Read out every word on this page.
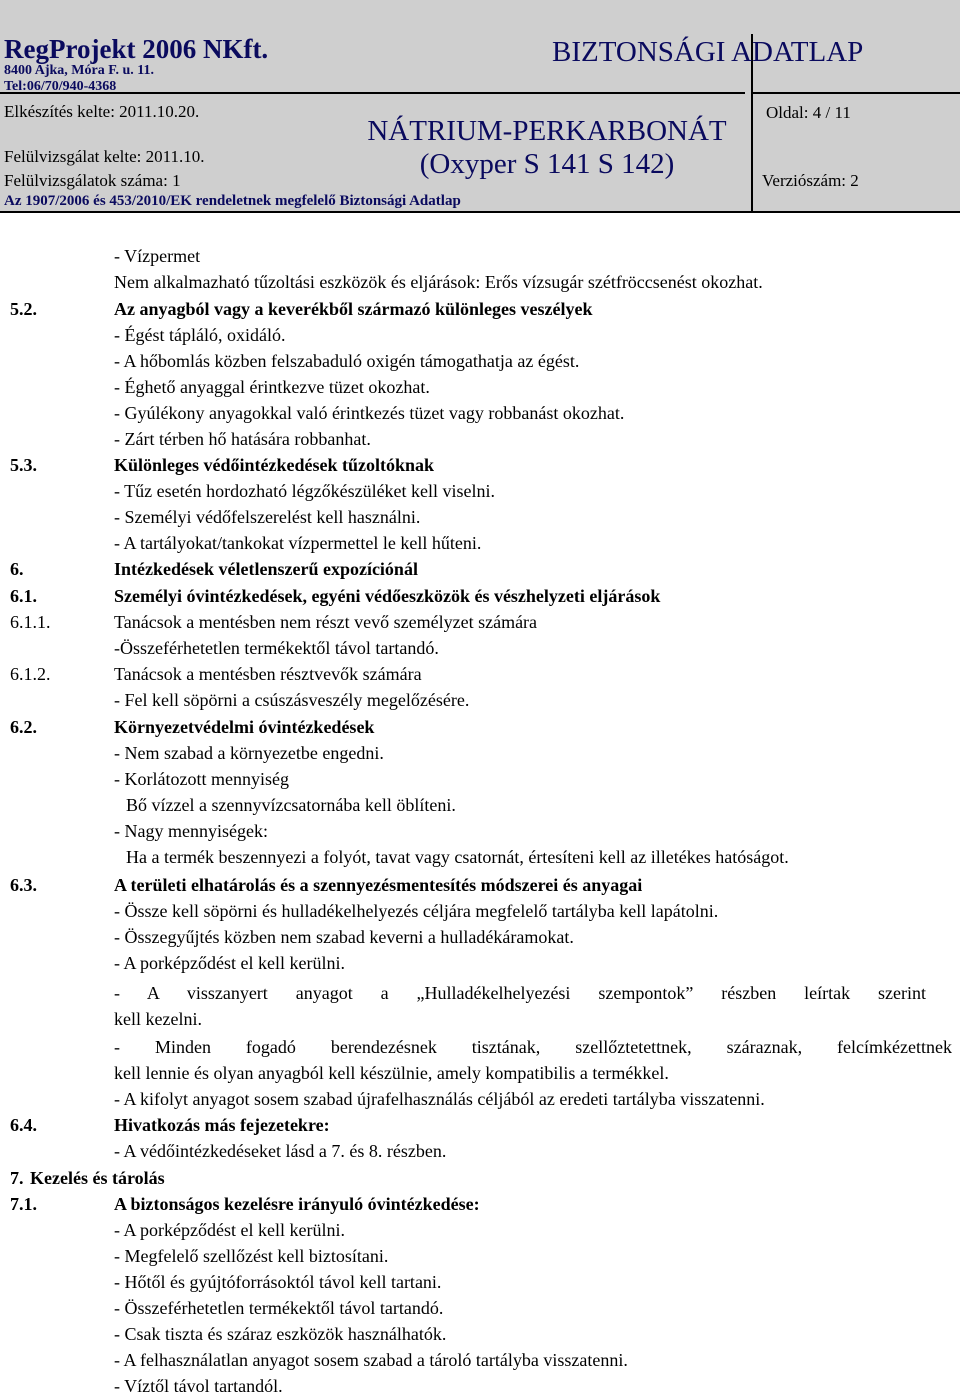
RegProjekt 2006 NKft.
8400 Ajka, Móra F. u. 11.
Tel:06/70/940-4368
BIZTONSÁGI ADATLAP
Elkészítés kelte: 2011.10.20.
Felülvizsgálat kelte: 2011.10.
Felülvizsgálatok száma: 1
Oldal: 4 / 11
Verziószám: 2
NÁTRIUM-PERKARBONÁT
(Oxyper S 141 S 142)
Az 1907/2006 és 453/2010/EK rendeletnek megfelelő Biztonsági Adatlap
- Vízpermet
Nem alkalmazható tűzoltási eszközök és eljárások: Erős vízsugár szétfröccsenést okozhat.
5.2.	Az anyagból vagy a keverékből származó különleges veszélyek
- Égést tápláló, oxidáló.
- A hőbomlás közben felszabaduló oxigén támogathatja az égést.
- Éghető anyaggal érintkezve tüzet okozhat.
- Gyúlékony anyagokkal való érintkezés tüzet vagy robbanást okozhat.
- Zárt térben hő hatására robbanhat.
5.3.	Különleges védőintézkedések tűzoltóknak
- Tűz esetén hordozható légzőkészüléket kell viselni.
- Személyi védőfelszerelést kell használni.
- A tartályokat/tankokat vízpermettel le kell hűteni.
6.	Intézkedések véletlenszerű expozíciónál
6.1.	Személyi óvintézkedések, egyéni védőeszközök és vészhelyzeti eljárások
6.1.1.	Tanácsok a mentésben nem részt vevő személyzet számára
-Összeférhetetlen termékektől távol tartandó.
6.1.2.	Tanácsok a mentésben résztvevők számára
- Fel kell söpörni a csúszásveszély megelőzésére.
6.2.	Környezetvédelmi óvintézkedések
- Nem szabad a környezetbe engedni.
- Korlátozott mennyiség
Bő vízzel a szennyvízcsatornába kell öblíteni.
- Nagy mennyiségek:
Ha a termék beszennyezi a folyót, tavat vagy csatornát, értesíteni kell az illetékes hatóságot.
6.3.	A területi elhatárolás és a szennyezésmentesítés módszerei és anyagai
- Össze kell söpörni és hulladékelhelyezés céljára megfelelő tartályba kell lapátolni.
- Összegyűjtés közben nem szabad keverni a hulladékáramokat.
- A porképződést el kell kerülni.
- A visszanyert anyagot a „Hulladékelhelyezési szempontok” részben leírtak szerint
kell kezelni.
- Minden fogadó berendezésnek tisztának, szellőztetettnek, száraznak, felcímkézettnek
kell lennie és olyan anyagból kell készülnie, amely kompatibilis a termékkel.
- A kifolyt anyagot sosem szabad újrafelhasználás céljából az eredeti tartályba visszatenni.
6.4.	Hivatkozás más fejezetekre:
- A védőintézkedéseket lásd a 7. és 8. részben.
7. Kezelés és tárolás
7.1.	A biztonságos kezelésre irányuló óvintézkedése:
- A porképződést el kell kerülni.
- Megfelelő szellőzést kell biztosítani.
- Hőtől és gyújtóforrásoktól távol kell tartani.
- Összeférhetetlen termékektől távol tartandó.
- Csak tiszta és száraz eszközök használhatók.
- A felhasználatlan anyagot sosem szabad a tároló tartályba visszatenni.
- Víztől távol tartandól.
